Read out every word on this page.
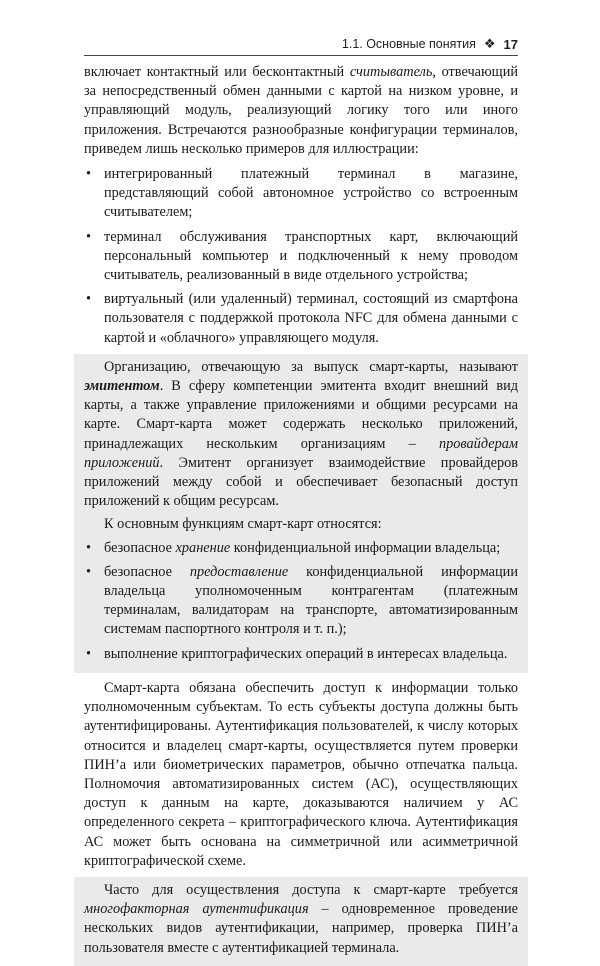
1.1. Основные понятия ❖ 17

включает контактный или бесконтактный считыватель, отвечающий за непосредственный обмен данными с картой на низком уровне, и управляющий модуль, реализующий логику того или иного приложения. Встречаются разнообразные конфигурации терминалов, приведем лишь несколько примеров для иллюстрации:

• интегрированный платежный терминал в магазине, представляющий собой автономное устройство со встроенным считывателем;
• терминал обслуживания транспортных карт, включающий персональный компьютер и подключенный к нему проводом считыватель, реализованный в виде отдельного устройства;
• виртуальный (или удаленный) терминал, состоящий из смартфона пользователя с поддержкой протокола NFC для обмена данными с картой и «облачного» управляющего модуля.

Организацию, отвечающую за выпуск смарт-карты, называют эмитентом. В сферу компетенции эмитента входит внешний вид карты, а также управление приложениями и общими ресурсами на карте. Смарт-карта может содержать несколько приложений, принадлежащих нескольким организациям – провайдерам приложений. Эмитент организует взаимодействие провайдеров приложений между собой и обеспечивает безопасный доступ приложений к общим ресурсам.

К основным функциям смарт-карт относятся:

• безопасное хранение конфиденциальной информации владельца;
• безопасное предоставление конфиденциальной информации владельца уполномоченным контрагентам (платежным терминалам, валидаторам на транспорте, автоматизированным системам паспортного контроля и т. п.);
• выполнение криптографических операций в интересах владельца.

Смарт-карта обязана обеспечить доступ к информации только уполномоченным субъектам. То есть субъекты доступа должны быть аутентифицированы. Аутентификация пользователей, к числу которых относится и владелец смарт-карты, осуществляется путем проверки ПИН’а или биометрических параметров, обычно отпечатка пальца. Полномочия автоматизированных систем (АС), осуществляющих доступ к данным на карте, доказываются наличием у АС определенного секрета – криптографического ключа. Аутентификация АС может быть основана на симметричной или асимметричной криптографической схеме.

Часто для осуществления доступа к смарт-карте требуется многофакторная аутентификация – одновременное проведение нескольких видов аутентификации, например, проверка ПИН’а пользователя вместе с аутентификацией терминала.
